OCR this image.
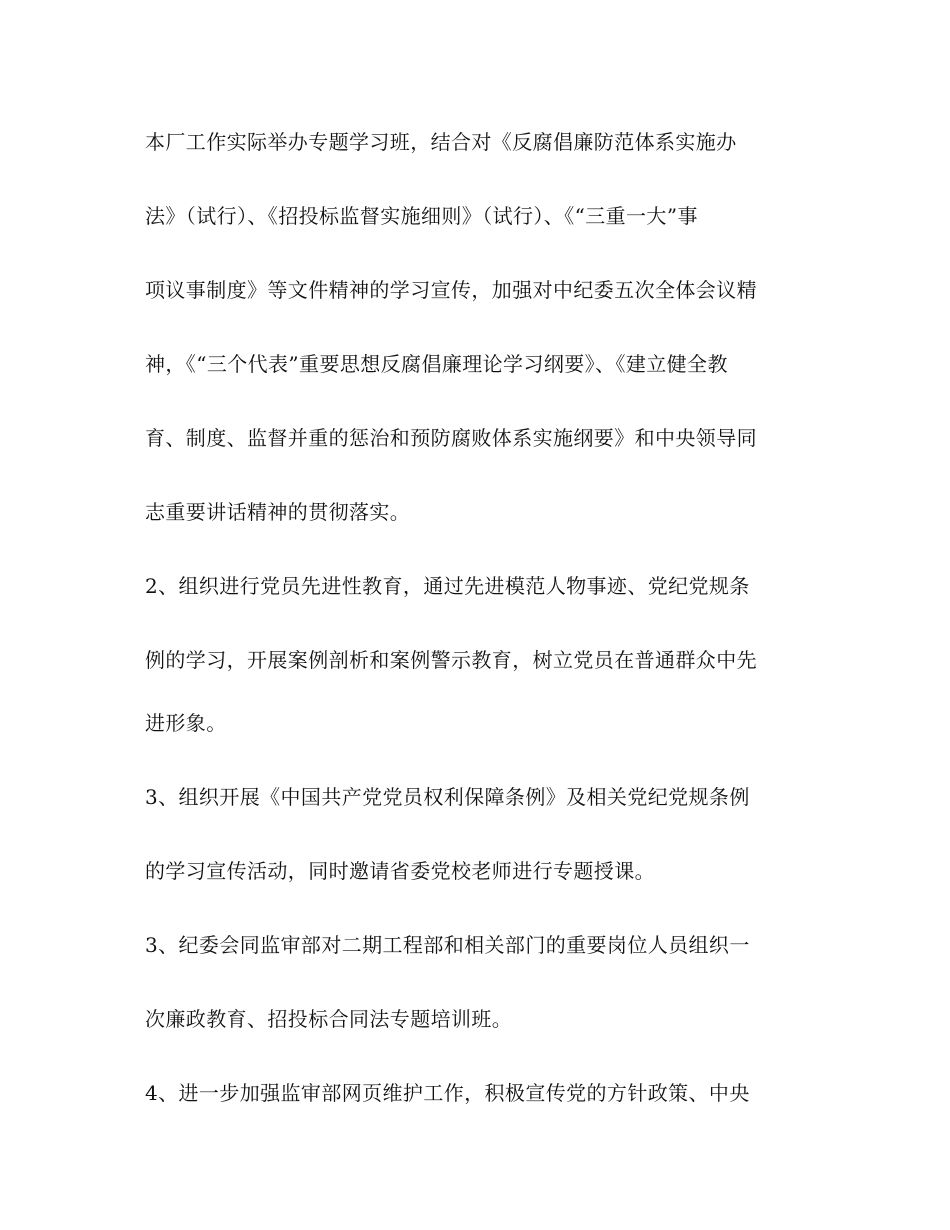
本厂工作实际举办专题学习班，结合对《反腐倡廉防范体系实施办
法》（试行）、《招投标监督实施细则》（试行）、《“三重一大”事
项议事制度》等文件精神的学习宣传，加强对中纪委五次全体会议精
神，《“三个代表”重要思想反腐倡廉理论学习纲要》、《建立健全教
育、制度、监督并重的惩治和预防腐败体系实施纲要》和中央领导同
志重要讲话精神的贯彻落实。
2、组织进行党员先进性教育，通过先进模范人物事迹、党纪党规条
例的学习，开展案例剖析和案例警示教育，树立党员在普通群众中先
进形象。
3、组织开展《中国共产党党员权利保障条例》及相关党纪党规条例
的学习宣传活动，同时邀请省委党校老师进行专题授课。
3、纪委会同监审部对二期工程部和相关部门的重要岗位人员组织一
次廉政教育、招投标合同法专题培训班。
4、进一步加强监审部网页维护工作，积极宣传党的方针政策、中央
